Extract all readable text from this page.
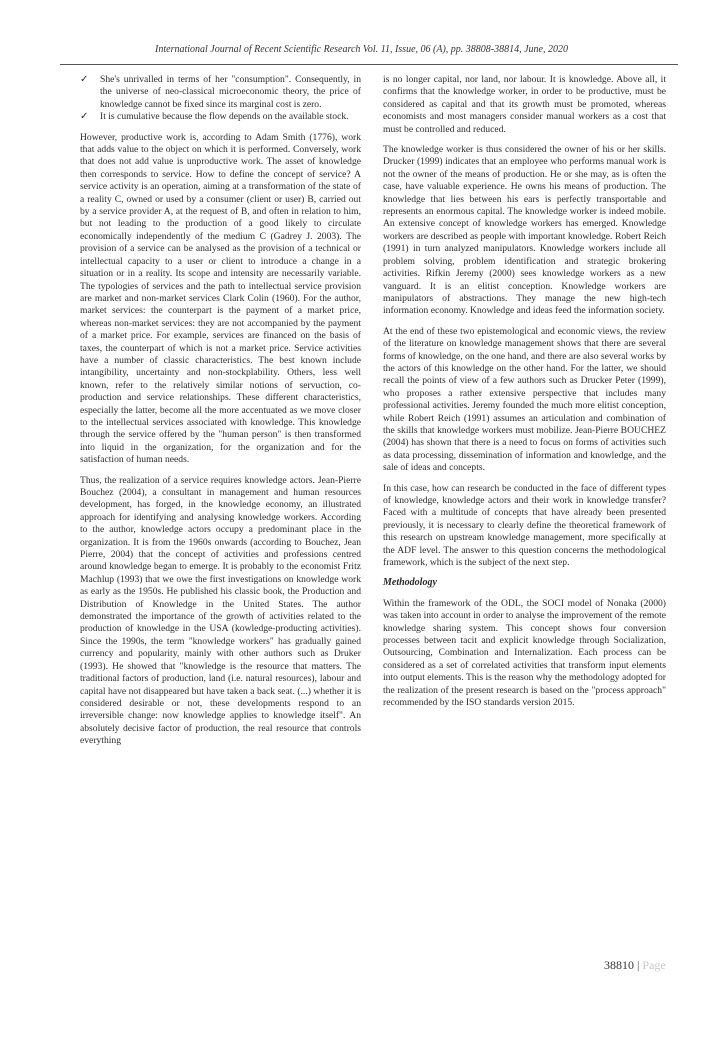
International Journal of Recent Scientific Research Vol. 11, Issue, 06 (A), pp. 38808-38814, June, 2020
✓ She's unrivalled in terms of her "consumption". Consequently, in the universe of neo-classical microeconomic theory, the price of knowledge cannot be fixed since its marginal cost is zero.
✓ It is cumulative because the flow depends on the available stock.

However, productive work is, according to Adam Smith (1776), work that adds value to the object on which it is performed. Conversely, work that does not add value is unproductive work. The asset of knowledge then corresponds to service. How to define the concept of service? A service activity is an operation, aiming at a transformation of the state of a reality C, owned or used by a consumer (client or user) B, carried out by a service provider A, at the request of B, and often in relation to him, but not leading to the production of a good likely to circulate economically independently of the medium C (Gadrey J. 2003). The provision of a service can be analysed as the provision of a technical or intellectual capacity to a user or client to introduce a change in a situation or in a reality. Its scope and intensity are necessarily variable. The typologies of services and the path to intellectual service provision are market and non-market services Clark Colin (1960). For the author, market services: the counterpart is the payment of a market price, whereas non-market services: they are not accompanied by the payment of a market price. For example, services are financed on the basis of taxes, the counterpart of which is not a market price. Service activities have a number of classic characteristics. The best known include intangibility, uncertainty and non-stockplability. Others, less well known, refer to the relatively similar notions of servuction, co-production and service relationships. These different characteristics, especially the latter, become all the more accentuated as we move closer to the intellectual services associated with knowledge. This knowledge through the service offered by the "human person" is then transformed into liquid in the organization, for the organization and for the satisfaction of human needs.

Thus, the realization of a service requires knowledge actors. Jean-Pierre Bouchez (2004), a consultant in management and human resources development, has forged, in the knowledge economy, an illustrated approach for identifying and analysing knowledge workers. According to the author, knowledge actors occupy a predominant place in the organization. It is from the 1960s onwards (according to Bouchez, Jean Pierre, 2004) that the concept of activities and professions centred around knowledge began to emerge. It is probably to the economist Fritz Machlup (1993) that we owe the first investigations on knowledge work as early as the 1950s. He published his classic book, the Production and Distribution of Knowledge in the United States. The author demonstrated the importance of the growth of activities related to the production of knowledge in the USA (kowledge-producting activities). Since the 1990s, the term "knowledge workers" has gradually gained currency and popularity, mainly with other authors such as Druker (1993). He showed that "knowledge is the resource that matters. The traditional factors of production, land (i.e. natural resources), labour and capital have not disappeared but have taken a back seat. (...) whether it is considered desirable or not, these developments respond to an irreversible change: now knowledge applies to knowledge itself". An absolutely decisive factor of production, the real resource that controls everything

is no longer capital, nor land, nor labour. It is knowledge. Above all, it confirms that the knowledge worker, in order to be productive, must be considered as capital and that its growth must be promoted, whereas economists and most managers consider manual workers as a cost that must be controlled and reduced.

The knowledge worker is thus considered the owner of his or her skills. Drucker (1999) indicates that an employee who performs manual work is not the owner of the means of production. He or she may, as is often the case, have valuable experience. He owns his means of production. The knowledge that lies between his ears is perfectly transportable and represents an enormous capital. The knowledge worker is indeed mobile. An extensive concept of knowledge workers has emerged. Knowledge workers are described as people with important knowledge. Robert Reich (1991) in turn analyzed manipulators. Knowledge workers include all problem solving, problem identification and strategic brokering activities. Rifkin Jeremy (2000) sees knowledge workers as a new vanguard. It is an elitist conception. Knowledge workers are manipulators of abstractions. They manage the new high-tech information economy. Knowledge and ideas feed the information society.

At the end of these two epistemological and economic views, the review of the literature on knowledge management shows that there are several forms of knowledge, on the one hand, and there are also several works by the actors of this knowledge on the other hand. For the latter, we should recall the points of view of a few authors such as Drucker Peter (1999), who proposes a rather extensive perspective that includes many professional activities. Jeremy founded the much more elitist conception, while Robert Reich (1991) assumes an articulation and combination of the skills that knowledge workers must mobilize. Jean-Pierre BOUCHEZ (2004) has shown that there is a need to focus on forms of activities such as data processing, dissemination of information and knowledge, and the sale of ideas and concepts.

In this case, how can research be conducted in the face of different types of knowledge, knowledge actors and their work in knowledge transfer? Faced with a multitude of concepts that have already been presented previously, it is necessary to clearly define the theoretical framework of this research on upstream knowledge management, more specifically at the ADF level. The answer to this question concerns the methodological framework, which is the subject of the next step.

Methodology

Within the framework of the ODL, the SOCI model of Nonaka (2000) was taken into account in order to analyse the improvement of the remote knowledge sharing system. This concept shows four conversion processes between tacit and explicit knowledge through Socialization, Outsourcing, Combination and Internalization. Each process can be considered as a set of correlated activities that transform input elements into output elements. This is the reason why the methodology adopted for the realization of the present research is based on the "process approach" recommended by the ISO standards version 2015.

38810 | Page
